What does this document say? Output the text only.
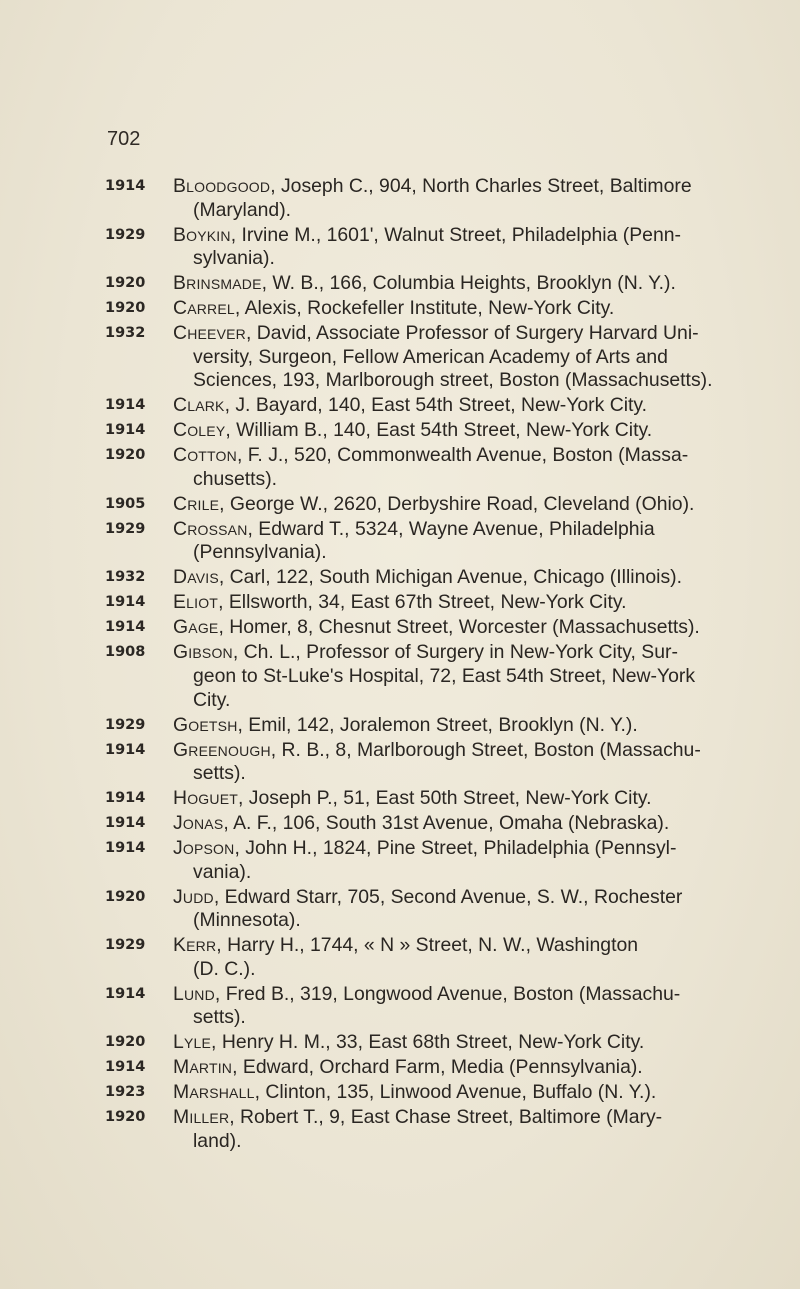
702
1914	Bloodgood, Joseph C., 904, North Charles Street, Baltimore
(Maryland).
1929	Boykin, Irvine M., 1601', Walnut Street, Philadelphia (Penn-
sylvania).
1920	Brinsmade, W. B., 166, Columbia Heights, Brooklyn (N. Y.).
1920	Carrel, Alexis, Rockefeller Institute, New-York City.
1932	Cheever, David, Associate Professor of Surgery Harvard Uni-
versity, Surgeon, Fellow American Academy of Arts and
Sciences, 193, Marlborough street, Boston (Massachusetts).
1914	Clark, J. Bayard, 140, East 54th Street, New-York City.
1914	Coley, William B., 140, East 54th Street, New-York City.
1920	Cotton, F. J., 520, Commonwealth Avenue, Boston (Massa-
chusetts).
1905	Crile, George W., 2620, Derbyshire Road, Cleveland (Ohio).
1929	Crossan, Edward T., 5324, Wayne Avenue, Philadelphia
(Pennsylvania).
1932	Davis, Carl, 122, South Michigan Avenue, Chicago (Illinois).
1914	Eliot, Ellsworth, 34, East 67th Street, New-York City.
1914	Gage, Homer, 8, Chesnut Street, Worcester (Massachusetts).
1908	Gibson, Ch. L., Professor of Surgery in New-York City, Sur-
geon to St-Luke's Hospital, 72, East 54th Street, New-York
City.
1929	Goetsh, Emil, 142, Joralemon Street, Brooklyn (N. Y.).
1914	Greenough, R. B., 8, Marlborough Street, Boston (Massachu-
setts).
1914	Hoguet, Joseph P., 51, East 50th Street, New-York City.
1914	Jonas, A. F., 106, South 31st Avenue, Omaha (Nebraska).
1914	Jopson, John H., 1824, Pine Street, Philadelphia (Pennsyl-
vania).
1920	Judd, Edward Starr, 705, Second Avenue, S. W., Rochester
(Minnesota).
1929	Kerr, Harry H., 1744, « N » Street, N. W., Washington
(D. C.).
1914	Lund, Fred B., 319, Longwood Avenue, Boston (Massachu-
setts).
1920	Lyle, Henry H. M., 33, East 68th Street, New-York City.
1914	Martin, Edward, Orchard Farm, Media (Pennsylvania).
1923	Marshall, Clinton, 135, Linwood Avenue, Buffalo (N. Y.).
1920	Miller, Robert T., 9, East Chase Street, Baltimore (Mary-
land).
